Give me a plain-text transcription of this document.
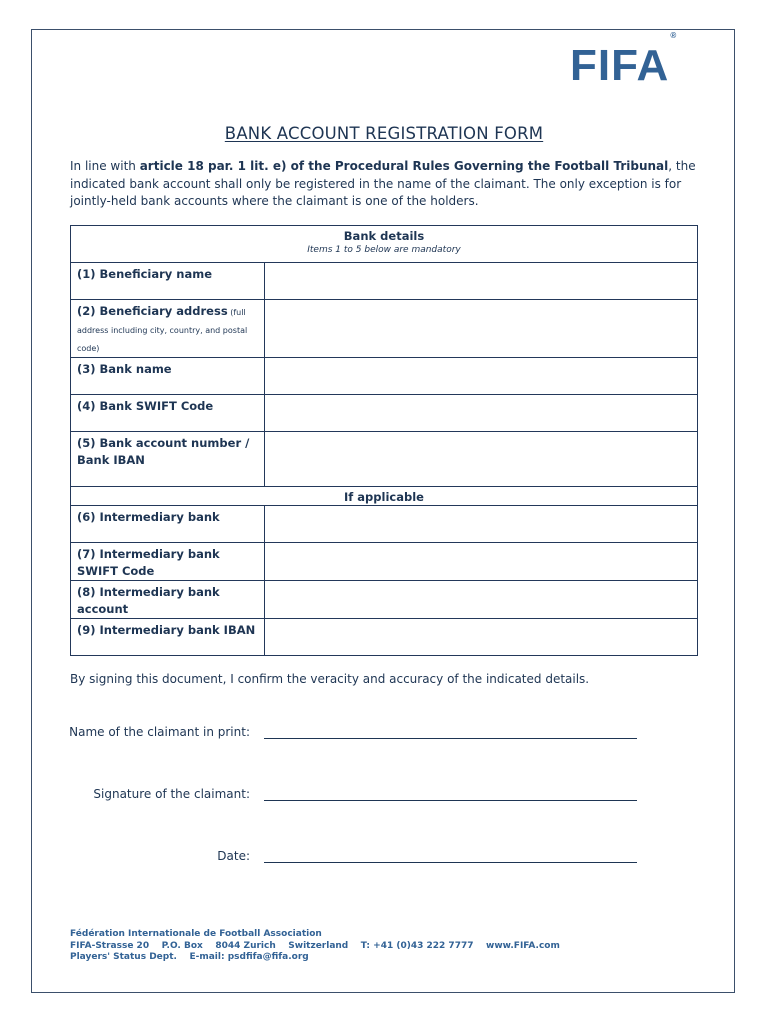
FIFA®
BANK ACCOUNT REGISTRATION FORM
In line with article 18 par. 1 lit. e) of the Procedural Rules Governing the Football Tribunal, the indicated bank account shall only be registered in the name of the claimant. The only exception is for jointly-held bank accounts where the claimant is one of the holders.
Bank details
Items 1 to 5 below are mandatory	

(1) Beneficiary name	
(2) Beneficiary address (full address including city, country, and postal code)	
(3) Bank name	
(4) Bank SWIFT Code	
(5) Bank account number / Bank IBAN	
If applicable	
(6) Intermediary bank	
(7) Intermediary bank SWIFT Code	
(8) Intermediary bank account	
(9) Intermediary bank IBAN	
By signing this document, I confirm the veracity and accuracy of the indicated details.
Name of the claimant in print:
Signature of the claimant:
Date:
Fédération Internationale de Football Association
FIFA-Strasse 20    P.O. Box    8044 Zurich    Switzerland    T: +41 (0)43 222 7777    www.FIFA.com
Players' Status Dept.    E-mail: psdfifa@fifa.org
